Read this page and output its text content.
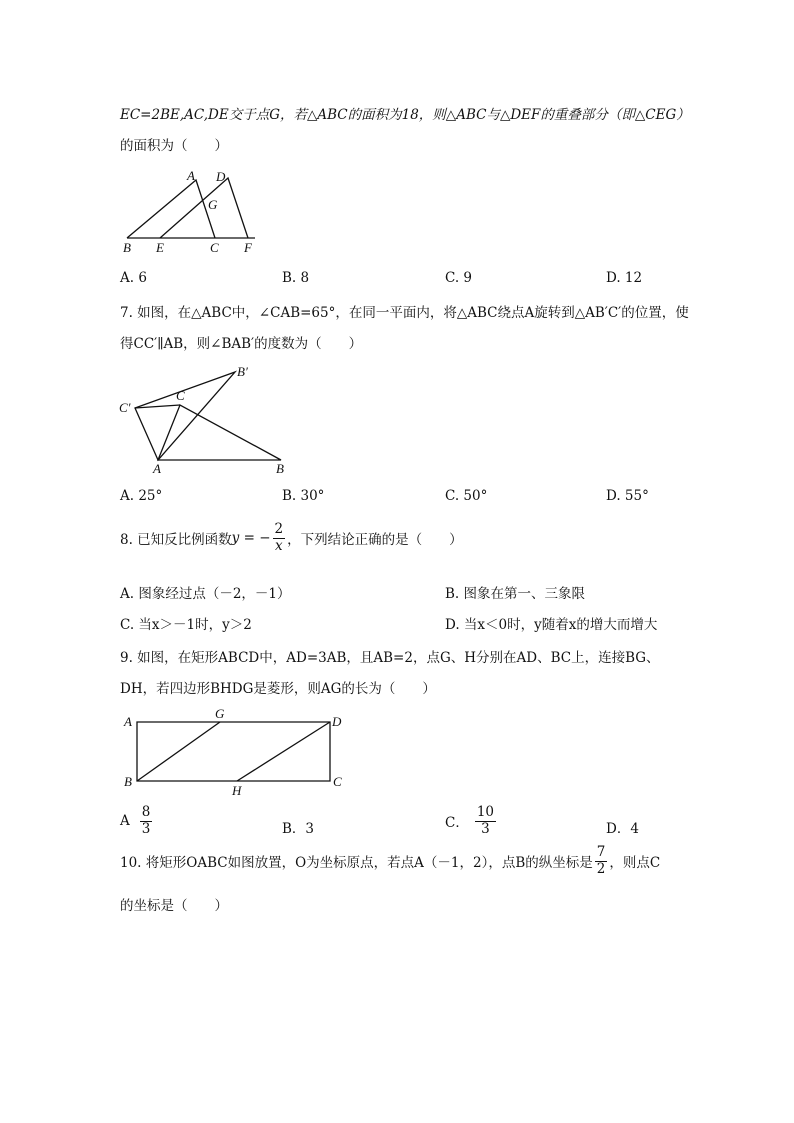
EC=2BE,AC,DE交于点G，若△ABC的面积为18，则△ABC与△DEF的重叠部分（即△CEG）
的面积为（　　）
A D
G
B E	C F
A. 6	B. 8	C. 9	D. 12
7. 如图，在△ABC中，∠CAB=65°，在同一平面内，将△ABC绕点A旋转到△AB′C′的位置，使
得CC′∥AB，则∠BAB′的度数为（　　）
B′
C′
C
A	B
A. 25°	B. 30°	C. 50°	D. 55°
8. 已知反比例函数 y = − $\frac{2}{x}$ ，下列结论正确的是（　　）
A. 图象经过点（－2，－1）	B. 图象在第一、三象限
C. 当x＞－1时，y＞2	D. 当x＜0时，y随着x的增大而增大
9. 如图，在矩形ABCD中，AD=3AB，且AB=2，点G、H分别在AD、BC上，连接BG、
DH，若四边形BHDG是菱形，则AG的长为（　　）
A
G
D
B
H
C
A $\frac{8}{3}$	B．3	C． $\frac{10}{3}$	D．4
10. 将矩形OABC如图放置，O为坐标原点，若点A（－1，2），点B的纵坐标是 $\frac{7}{2}$ ，则点C
的坐标是（　　）
